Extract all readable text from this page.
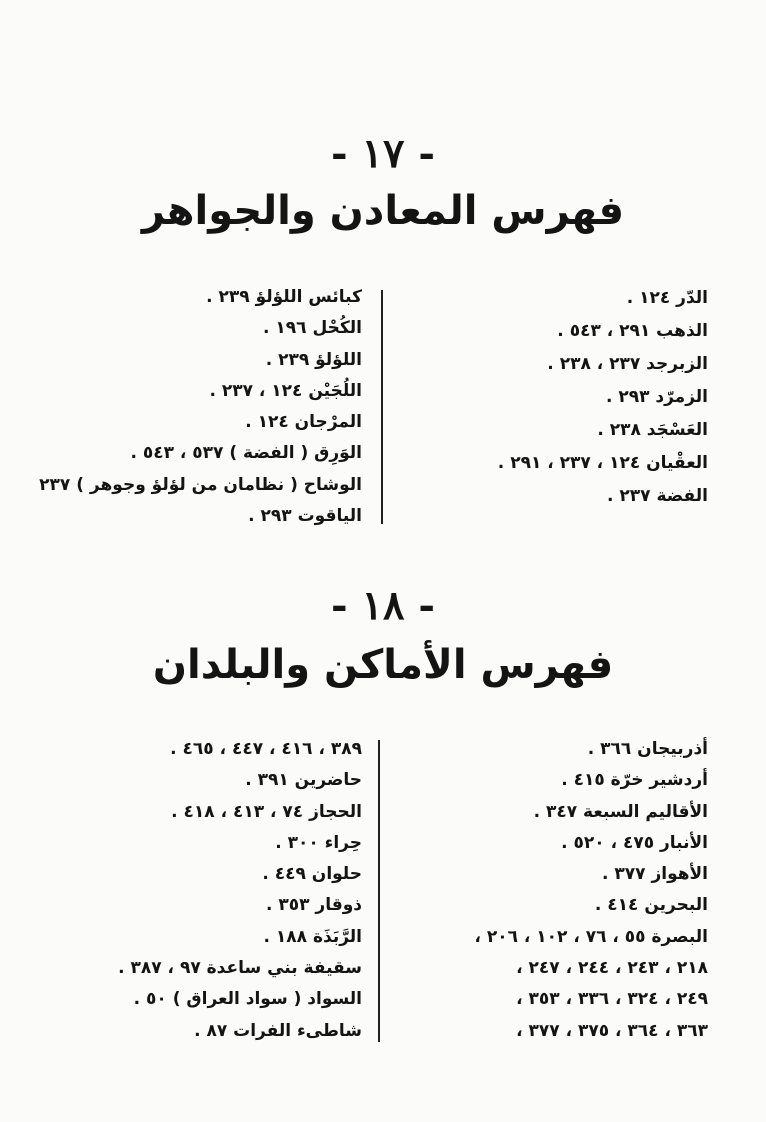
- ١٧ -
فهرس المعادن والجواهر
الدّر ١٢٤ .
الذهب ٢٩١ ، ٥٤٣ .
الزبرجد ٢٣٧ ، ٢٣٨ .
الزمرّد ٢٩٣ .
العَسْجَد ٢٣٨ .
العقْيان ١٢٤ ، ٢٣٧ ، ٢٩١ .
الفضة ٢٣٧ .
كبائس اللؤلؤ ٢٣٩ .
الكُحْل ١٩٦ .
اللؤلؤ ٢٣٩ .
اللُجَيْن ١٢٤ ، ٢٣٧ .
المرْجان ١٢٤ .
الوَرِق ( الفضة ) ٥٣٧ ، ٥٤٣ .
الوشاح ( نظامان من لؤلؤ وجوهر ) ٢٣٧
الياقوت ٢٩٣ .
- ١٨ -
فهرس الأماكن والبلدان
أذربيجان ٣٦٦ .
أردشير خرّة ٤١٥ .
الأقاليم السبعة ٣٤٧ .
الأنبار ٤٧٥ ، ٥٢٠ .
الأهواز ٣٧٧ .
البحرين ٤١٤ .
البصرة ٥٥ ، ٧٦ ، ١٠٢ ، ٢٠٦ ،
٢١٨ ، ٢٤٣ ، ٢٤٤ ، ٢٤٧ ،
٢٤٩ ، ٣٢٤ ، ٣٣٦ ، ٣٥٣ ،
٣٦٣ ، ٣٦٤ ، ٣٧٥ ، ٣٧٧ ،
٣٨٩ ، ٤١٦ ، ٤٤٧ ، ٤٦٥ .
حاضرين ٣٩١ .
الحجاز ٧٤ ، ٤١٣ ، ٤١٨ .
حِراء ٣٠٠ .
حلوان ٤٤٩ .
ذوقار ٣٥٣ .
الرَّبَذَة ١٨٨ .
سقيفة بني ساعدة ٩٧ ، ٣٨٧ .
السواد ( سواد العراق ) ٥٠ .
شاطىء الفرات ٨٧ .
